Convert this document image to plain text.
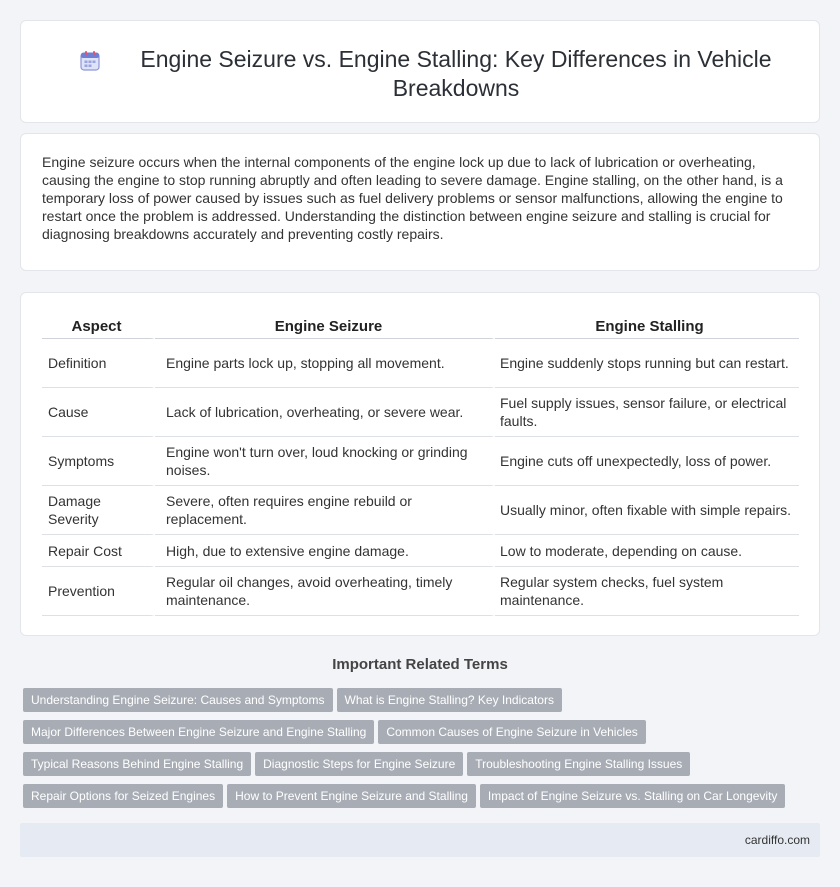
Engine Seizure vs. Engine Stalling: Key Differences in Vehicle Breakdowns

Engine seizure occurs when the internal components of the engine lock up due to lack of lubrication or overheating, causing the engine to stop running abruptly and often leading to severe damage. Engine stalling, on the other hand, is a temporary loss of power caused by issues such as fuel delivery problems or sensor malfunctions, allowing the engine to restart once the problem is addressed. Understanding the distinction between engine seizure and stalling is crucial for diagnosing breakdowns accurately and preventing costly repairs.

Aspect	Engine Seizure	Engine Stalling
Definition	Engine parts lock up, stopping all movement.	Engine suddenly stops running but can restart.
Cause	Lack of lubrication, overheating, or severe wear.	Fuel supply issues, sensor failure, or electrical faults.
Symptoms	Engine won't turn over, loud knocking or grinding noises.	Engine cuts off unexpectedly, loss of power.
Damage Severity	Severe, often requires engine rebuild or replacement.	Usually minor, often fixable with simple repairs.
Repair Cost	High, due to extensive engine damage.	Low to moderate, depending on cause.
Prevention	Regular oil changes, avoid overheating, timely maintenance.	Regular system checks, fuel system maintenance.
Important Related Terms
Understanding Engine Seizure: Causes and Symptoms What is Engine Stalling? Key Indicators
Major Differences Between Engine Seizure and Engine Stalling Common Causes of Engine Seizure in Vehicles
Typical Reasons Behind Engine Stalling Diagnostic Steps for Engine Seizure Troubleshooting Engine Stalling Issues
Repair Options for Seized Engines How to Prevent Engine Seizure and Stalling Impact of Engine Seizure vs. Stalling on Car Longevity
cardiffo.com
